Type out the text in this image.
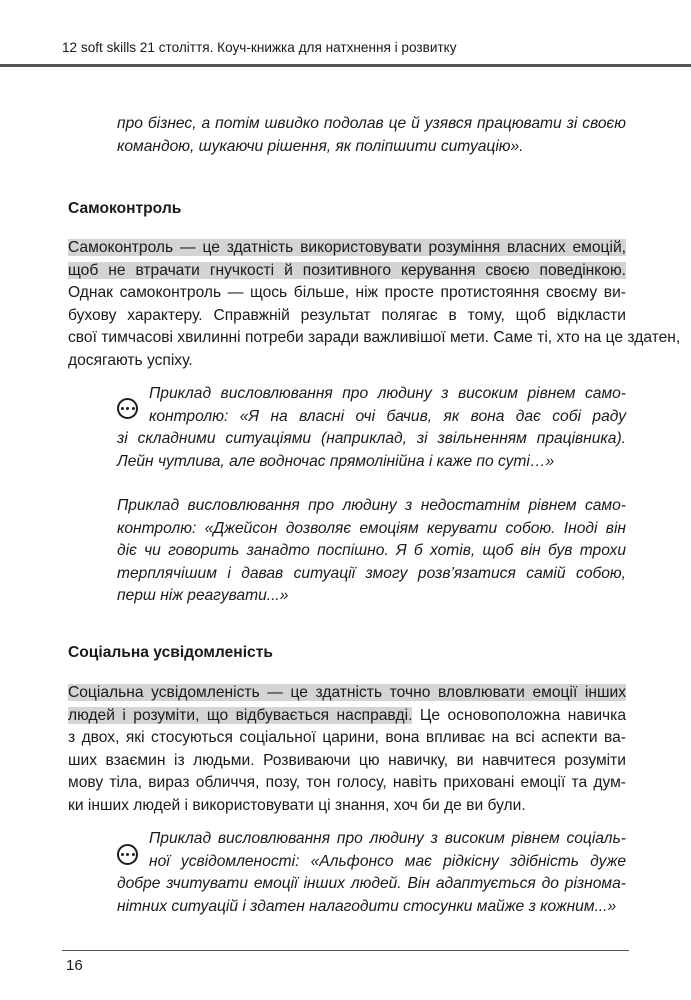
12 soft skills 21 століття. Коуч-книжка для натхнення і розвитку
про бізнес, а потім швидко подолав це й узявся працювати зі своєю
командою, шукаючи рішення, як поліпшити ситуацію».
Самоконтроль
Самоконтроль — це здатність використовувати розуміння власних емоцій,
щоб не втрачати гнучкості й позитивного керування своєю поведінкою.
Однак самоконтроль — щось більше, ніж просте протистояння своєму ви-
бухову характеру. Справжній результат полягає в тому, щоб відкласти
свої тимчасові хвилинні потреби заради важливішої мети. Саме ті, хто на це здатен,
досягають успіху.
Приклад висловлювання про людину з високим рівнем само-
контролю: «Я на власні очі бачив, як вона дає собі раду
зі складними ситуаціями (наприклад, зі звільненням працівника).
Лейн чутлива, але водночас прямолінійна і каже по суті…»
Приклад висловлювання про людину з недостатнім рівнем само-
контролю: «Джейсон дозволяє емоціям керувати собою. Іноді він
діє чи говорить занадто поспішно. Я б хотів, щоб він був трохи
терплячішим і давав ситуації змогу розв’язатися самій собою,
перш ніж реагувати...»
Соціальна усвідомленість
Соціальна усвідомленість — це здатність точно вловлювати емоції інших
людей і розуміти, що відбувається насправді. Це основоположна навичка
з двох, які стосуються соціальної царини, вона впливає на всі аспекти ва-
ших взаємин із людьми. Розвиваючи цю навичку, ви навчитеся розуміти
мову тіла, вираз обличчя, позу, тон голосу, навіть приховані емоції та дум-
ки інших людей і використовувати ці знання, хоч би де ви були.
Приклад висловлювання про людину з високим рівнем соціаль-
ної усвідомленості: «Альфонсо має рідкісну здібність дуже
добре зчитувати емоції інших людей. Він адаптується до різнома-
нітних ситуацій і здатен налагодити стосунки майже з кожним...»
16
